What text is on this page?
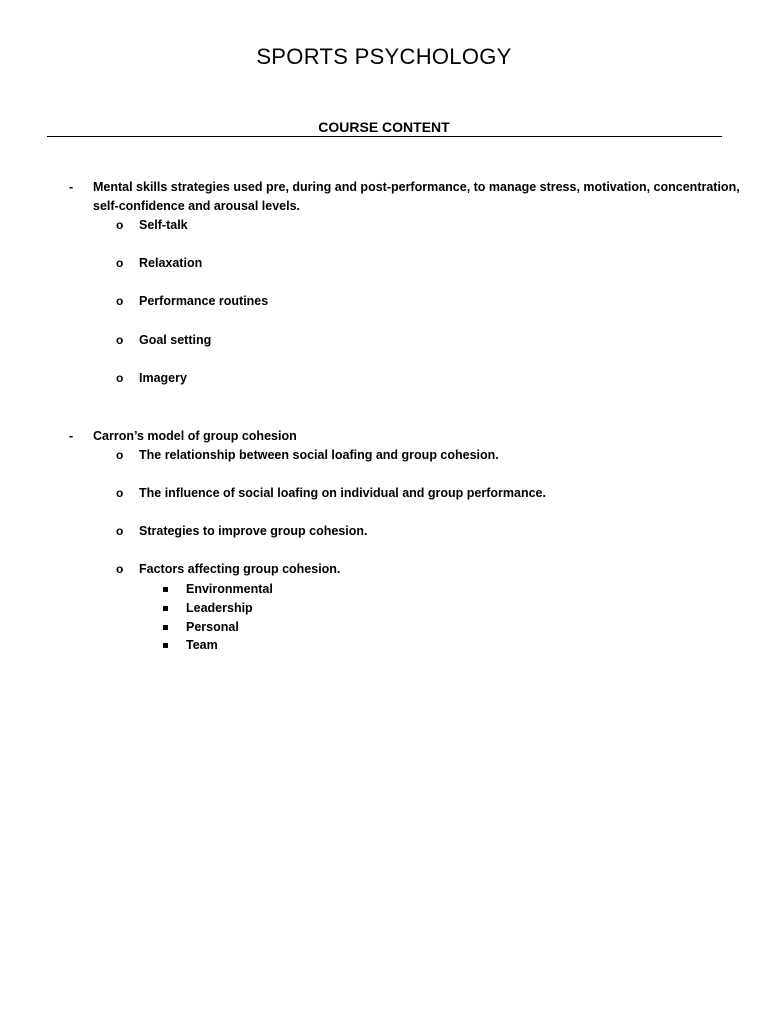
SPORTS PSYCHOLOGY
COURSE CONTENT
- Mental skills strategies used pre, during and post-performance, to manage stress, motivation, concentration,
self-confidence and arousal levels.
o Self-talk
o Relaxation
o Performance routines
o Goal setting
o Imagery
- Carron’s model of group cohesion
o The relationship between social loafing and group cohesion.
o The influence of social loafing on individual and group performance.
o Strategies to improve group cohesion.
o Factors affecting group cohesion.
Environmental
Leadership
Personal
Team
